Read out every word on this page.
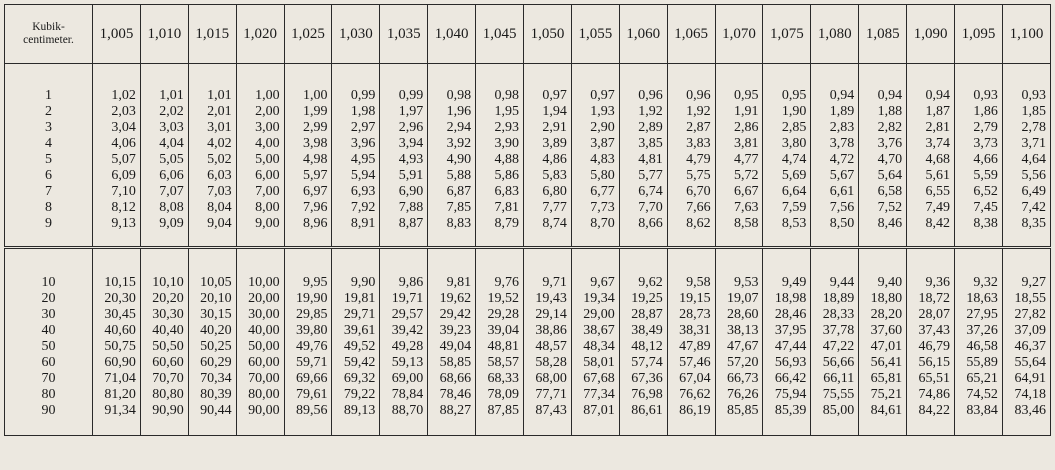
Kubik-
centimeter.	1,005	1,010	1,015	1,020	1,025	1,030	1,035	1,040	1,045	1,050	1,055	1,060	1,065	1,070	1,075	1,080	1,085	1,090	1,095	1,100

1	1,02	1,01	1,01	1,00	1,00	0,99	0,99	0,98	0,98	0,97	0,97	0,96	0,96	0,95	0,95	0,94	0,94	0,94	0,93	0,93
2	2,03	2,02	2,01	2,00	1,99	1,98	1,97	1,96	1,95	1,94	1,93	1,92	1,92	1,91	1,90	1,89	1,88	1,87	1,86	1,85
3	3,04	3,03	3,01	3,00	2,99	2,97	2,96	2,94	2,93	2,91	2,90	2,89	2,87	2,86	2,85	2,83	2,82	2,81	2,79	2,78
4	4,06	4,04	4,02	4,00	3,98	3,96	3,94	3,92	3,90	3,89	3,87	3,85	3,83	3,81	3,80	3,78	3,76	3,74	3,73	3,71
5	5,07	5,05	5,02	5,00	4,98	4,95	4,93	4,90	4,88	4,86	4,83	4,81	4,79	4,77	4,74	4,72	4,70	4,68	4,66	4,64
6	6,09	6,06	6,03	6,00	5,97	5,94	5,91	5,88	5,86	5,83	5,80	5,77	5,75	5,72	5,69	5,67	5,64	5,61	5,59	5,56
7	7,10	7,07	7,03	7,00	6,97	6,93	6,90	6,87	6,83	6,80	6,77	6,74	6,70	6,67	6,64	6,61	6,58	6,55	6,52	6,49
8	8,12	8,08	8,04	8,00	7,96	7,92	7,88	7,85	7,81	7,77	7,73	7,70	7,66	7,63	7,59	7,56	7,52	7,49	7,45	7,42
9	9,13	9,09	9,04	9,00	8,96	8,91	8,87	8,83	8,79	8,74	8,70	8,66	8,62	8,58	8,53	8,50	8,46	8,42	8,38	8,35

10	10,15	10,10	10,05	10,00	9,95	9,90	9,86	9,81	9,76	9,71	9,67	9,62	9,58	9,53	9,49	9,44	9,40	9,36	9,32	9,27
20	20,30	20,20	20,10	20,00	19,90	19,81	19,71	19,62	19,52	19,43	19,34	19,25	19,15	19,07	18,98	18,89	18,80	18,72	18,63	18,55
30	30,45	30,30	30,15	30,00	29,85	29,71	29,57	29,42	29,28	29,14	29,00	28,87	28,73	28,60	28,46	28,33	28,20	28,07	27,95	27,82
40	40,60	40,40	40,20	40,00	39,80	39,61	39,42	39,23	39,04	38,86	38,67	38,49	38,31	38,13	37,95	37,78	37,60	37,43	37,26	37,09
50	50,75	50,50	50,25	50,00	49,76	49,52	49,28	49,04	48,81	48,57	48,34	48,12	47,89	47,67	47,44	47,22	47,01	46,79	46,58	46,37
60	60,90	60,60	60,29	60,00	59,71	59,42	59,13	58,85	58,57	58,28	58,01	57,74	57,46	57,20	56,93	56,66	56,41	56,15	55,89	55,64
70	71,04	70,70	70,34	70,00	69,66	69,32	69,00	68,66	68,33	68,00	67,68	67,36	67,04	66,73	66,42	66,11	65,81	65,51	65,21	64,91
80	81,20	80,80	80,39	80,00	79,61	79,22	78,84	78,46	78,09	77,71	77,34	76,98	76,62	76,26	75,94	75,55	75,21	74,86	74,52	74,18
90	91,34	90,90	90,44	90,00	89,56	89,13	88,70	88,27	87,85	87,43	87,01	86,61	86,19	85,85	85,39	85,00	84,61	84,22	83,84	83,46
